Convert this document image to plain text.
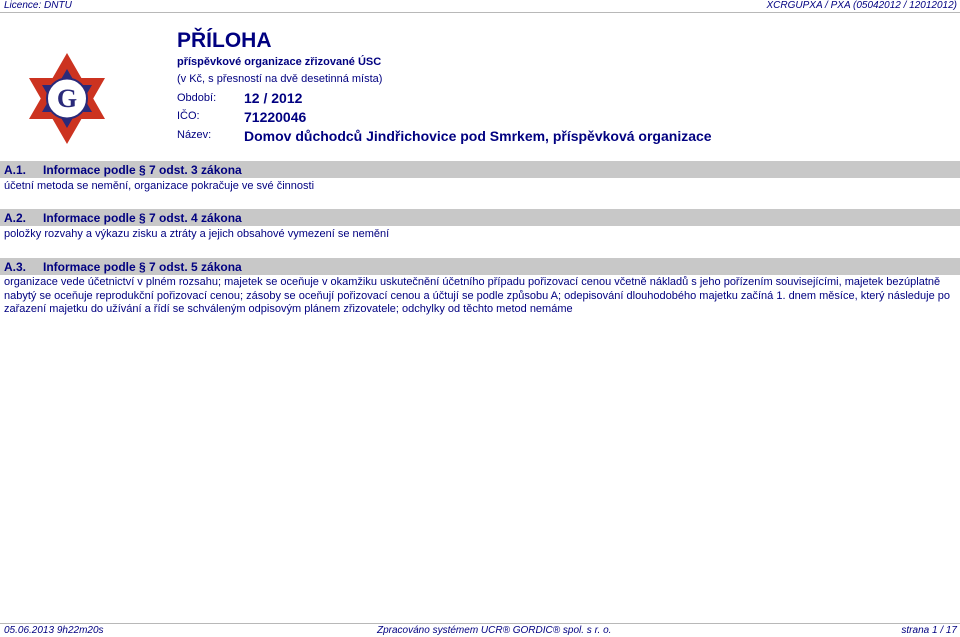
Licence: DNTU	XCRGUPXA / PXA (05042012 / 12012012)
G
PŘÍLOHA
příspěvkové organizace zřizované ÚSC
(v Kč, s přesností na dvě desetinná místa)
Období: 12 / 2012
IČO:	71220046
Název: Domov důchodců Jindřichovice pod Smrkem, příspěvková organizace
A.1. Informace podle § 7 odst. 3 zákona
účetní metoda se nemění, organizace pokračuje ve své činnosti
A.2. Informace podle § 7 odst. 4 zákona
položky rozvahy a výkazu zisku a ztráty a jejich obsahové vymezení se nemění
A.3. Informace podle § 7 odst. 5 zákona
organizace vede účetnictví v plném rozsahu; majetek se oceňuje v okamžiku uskutečnění účetního případu pořizovací cenou včetně nákladů s jeho pořízením souvisejícími, majetek bezúplatně nabytý se oceňuje reprodukční pořizovací cenou; zásoby se oceňují pořizovací cenou a účtují se podle způsobu A; odepisování dlouhodobého majetku začíná 1. dnem měsíce, který následuje po zařazení majetku do užívání a řídí se schváleným odpisovým plánem zřizovatele; odchylky od těchto metod nemáme
05.06.2013 9h22m20s	Zpracováno systémem UCR® GORDIC® spol. s r. o.	strana 1 / 17
